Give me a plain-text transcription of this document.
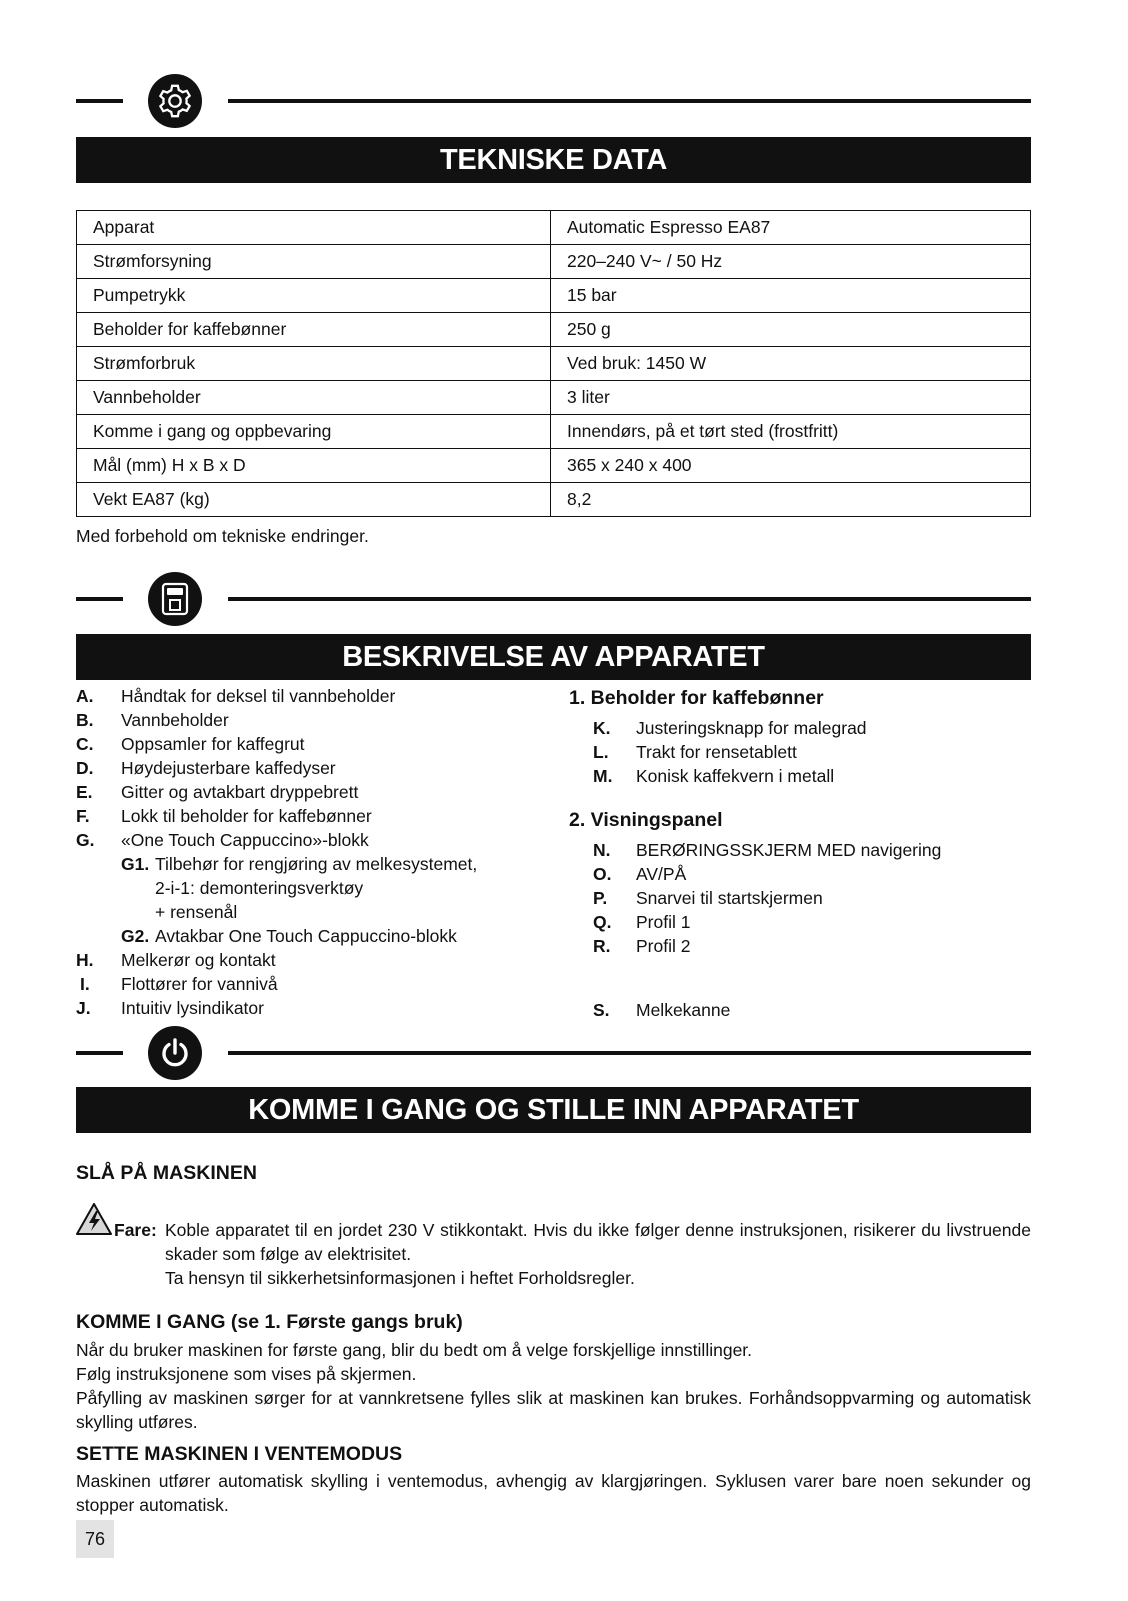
TEKNISKE DATA
Apparat	Automatic Espresso EA87
Strømforsyning	220–240 V~ / 50 Hz
Pumpetrykk	15 bar
Beholder for kaffebønner	250 g
Strømforbruk	Ved bruk: 1450 W
Vannbeholder	3 liter
Komme i gang og oppbevaring	Innendørs, på et tørt sted (frostfritt)
Mål (mm) H x B x D	365 x 240 x 400
Vekt EA87 (kg)	8,2
Med forbehold om tekniske endringer.
BESKRIVELSE AV APPARATET
A. Håndtak for deksel til vannbeholder
B. Vannbeholder
C. Oppsamler for kaffegrut
D. Høydejusterbare kaffedyser
E. Gitter og avtakbart dryppebrett
F. Lokk til beholder for kaffebønner
G. «One Touch Cappuccino»-blokk
G1. Tilbehør for rengjøring av melkesystemet,
2-i-1: demonteringsverktøy
+ rensenål
G2. Avtakbar One Touch Cappuccino-blokk
H. Melkerør og kontakt
I. Flottører for vannivå
J. Intuitiv lysindikator
1. Beholder for kaffebønner
K. Justeringsknapp for malegrad
L. Trakt for rensetablett
M. Konisk kaffekvern i metall
2. Visningspanel
N. BERØRINGSSKJERM MED navigering
O. AV/PÅ
P. Snarvei til startskjermen
Q. Profil 1
R. Profil 2
S. Melkekanne
KOMME I GANG OG STILLE INN APPARATET
SLÅ PÅ MASKINEN
Fare: Koble apparatet til en jordet 230 V stikkontakt. Hvis du ikke følger denne instruksjonen, risikerer du livstruende skader som følge av elektrisitet.

Ta hensyn til sikkerhetsinformasjonen i heftet Forholdsregler.

KOMME I GANG (se 1. Første gangs bruk)
Når du bruker maskinen for første gang, blir du bedt om å velge forskjellige innstillinger.
Følg instruksjonene som vises på skjermen.
Påfylling av maskinen sørger for at vannkretsene fylles slik at maskinen kan brukes. Forhåndsoppvarming og automatisk skylling utføres.
SETTE MASKINEN I VENTEMODUS
Maskinen utfører automatisk skylling i ventemodus, avhengig av klargjøringen. Syklusen varer bare noen sekunder og stopper automatisk.
76
